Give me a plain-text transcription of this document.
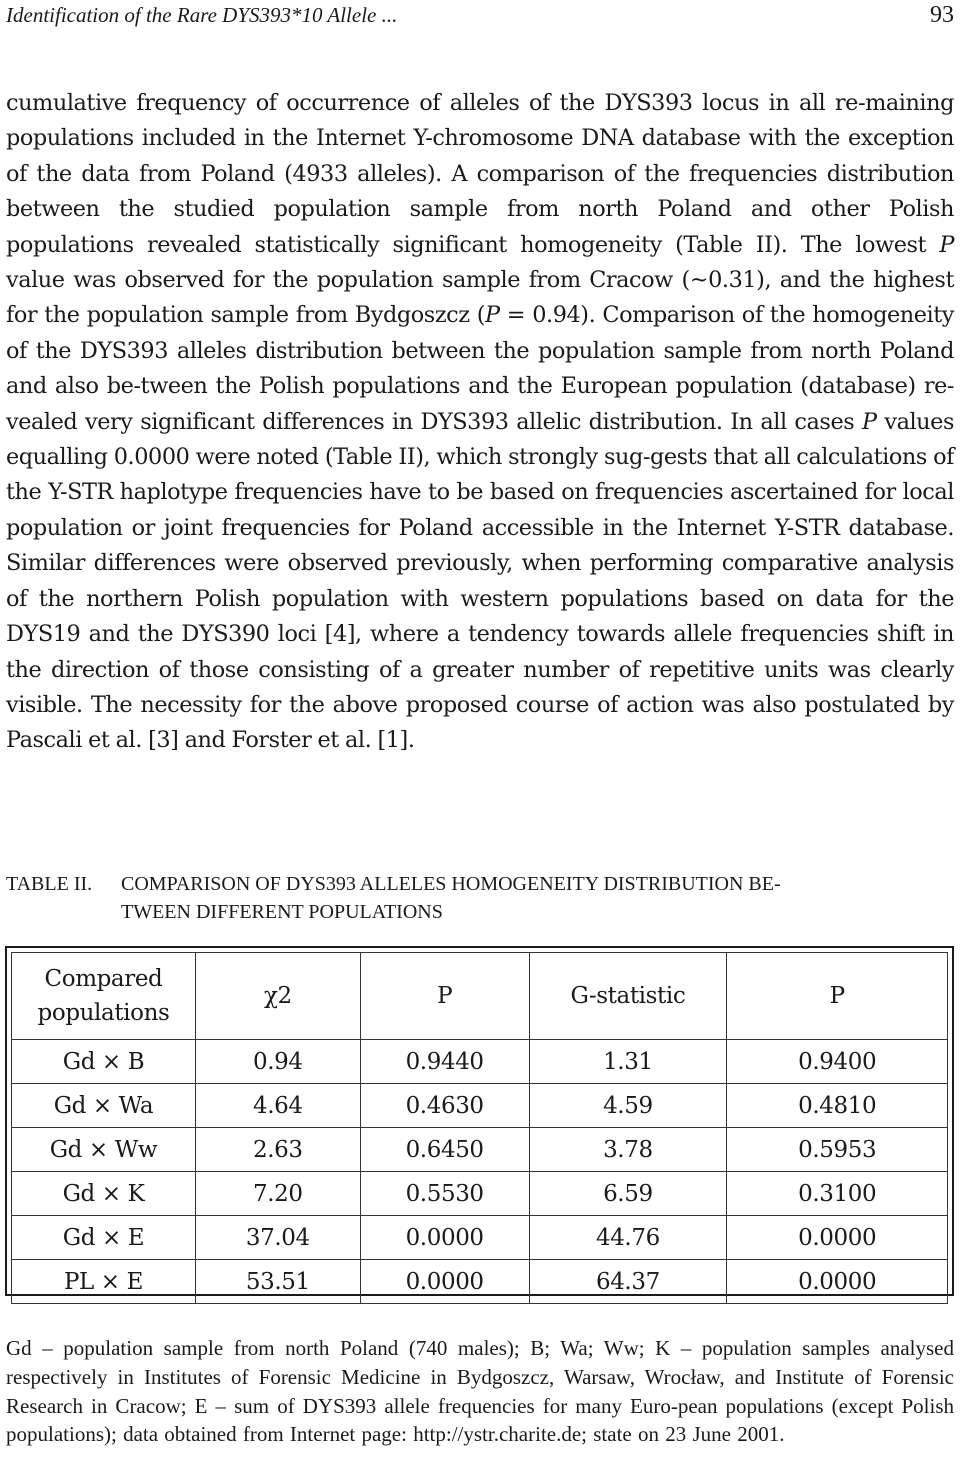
Identification of the Rare DYS393*10 Allele ...	93

cumulative frequency of occurrence of alleles of the DYS393 locus in all re-maining populations included in the Internet Y-chromosome DNA database with the exception of the data from Poland (4933 alleles). A comparison of the frequencies distribution between the studied population sample from north Poland and other Polish populations revealed statistically significant homogeneity (Table II). The lowest P value was observed for the population sample from Cracow (~0.31), and the highest for the population sample from Bydgoszcz (P = 0.94). Comparison of the homogeneity of the DYS393 alleles distribution between the population sample from north Poland and also be-tween the Polish populations and the European population (database) re-vealed very significant differences in DYS393 allelic distribution. In all cases P values equalling 0.0000 were noted (Table II), which strongly sug-gests that all calculations of the Y-STR haplotype frequencies have to be based on frequencies ascertained for local population or joint frequencies for Poland accessible in the Internet Y-STR database. Similar differences were observed previously, when performing comparative analysis of the northern Polish population with western populations based on data for the DYS19 and the DYS390 loci [4], where a tendency towards allele frequencies shift in the direction of those consisting of a greater number of repetitive units was clearly visible. The necessity for the above proposed course of action was also postulated by Pascali et al. [3] and Forster et al. [1].

TABLE II.	COMPARISON OF DYS393 ALLELES HOMOGENEITY DISTRIBUTION BE-
TWEEN DIFFERENT POPULATIONS
Compared populations	χ2	P	G-statistic	P
Gd × B	0.94	0.9440	1.31	0.9400
Gd × Wa	4.64	0.4630	4.59	0.4810
Gd × Ww	2.63	0.6450	3.78	0.5953
Gd × K	7.20	0.5530	6.59	0.3100
Gd × E	37.04	0.0000	44.76	0.0000
PL × E	53.51	0.0000	64.37	0.0000
Gd – population sample from north Poland (740 males); B; Wa; Ww; K – population samples analysed respectively in Institutes of Forensic Medicine in Bydgoszcz, Warsaw, Wrocław, and Institute of Forensic Research in Cracow; E – sum of DYS393 allele frequencies for many Euro-pean populations (except Polish populations); data obtained from Internet page: http://ystr.charite.de; state on 23 June 2001.
